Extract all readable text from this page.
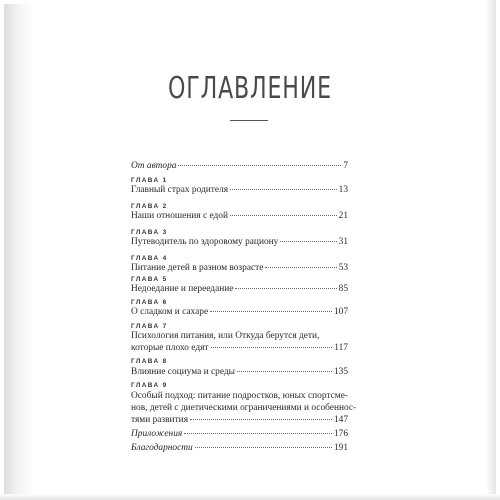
ОГЛАВЛЕНИЕ
От автора	7
ГЛАВА 1
Главный страх родителя	13
ГЛАВА 2
Наши отношения с едой	21
ГЛАВА 3
Путеводитель по здоровому рациону	31
ГЛАВА 4
Питание детей в разном возрасте	53
ГЛАВА 5
Недоедание и переедание	85
ГЛАВА 6
О сладком и сахаре	107
ГЛАВА 7
Психология питания, или Откуда берутся дети,
которые плохо едят	117
ГЛАВА 8
Влияние социума и среды	135
ГЛАВА 9
Особый подход: питание подростков, юных спортсме-
нов, детей с диетическими ограничениями и особеннос-
тями развития	147
Приложения	176
Благодарности	191
